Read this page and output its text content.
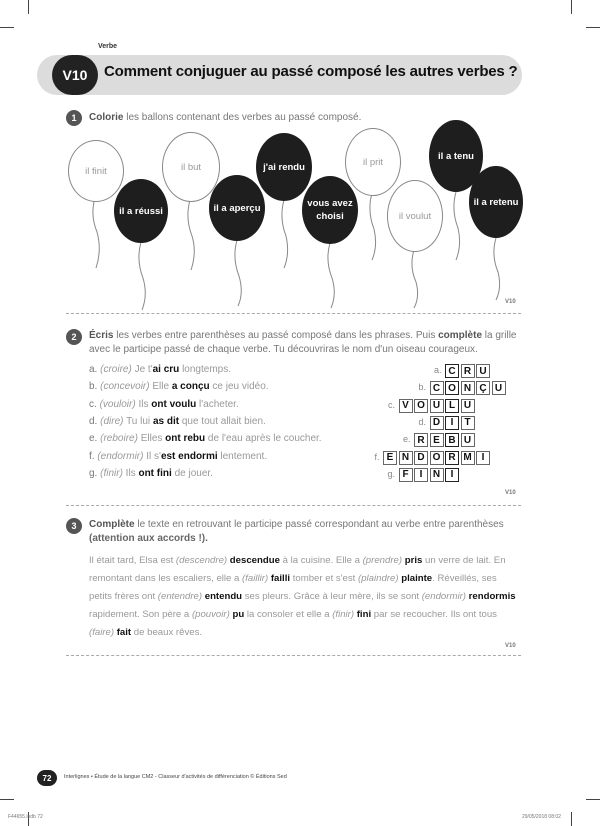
Verbe
V10	Comment conjuguer au passé composé les autres verbes ?
1	Colorie les ballons contenant des verbes au passé composé.
il finit
il a réussi
il but
il a aperçu
j'ai rendu
vous avez choisi
il prit
il voulut
il a tenu
il a retenu
V10
2	Écris les verbes entre parenthèses au passé composé dans les phrases. Puis complète la grille
avec le participe passé de chaque verbe. Tu découvriras le nom d'un oiseau courageux.
a. (croire) Je t'ai cru longtemps.
b. (concevoir) Elle a conçu ce jeu vidéo.
c. (vouloir) Ils ont voulu l'acheter.
d. (dire) Tu lui as dit que tout allait bien.
e. (reboire) Elles ont rebu de l'eau après le coucher.
f. (endormir) Il s'est endormi lentement.
g. (finir) Ils ont fini de jouer.
a. C R U
b. C O N Ç U
c. V O U L U
d. D	I	T
e. R E B U
f. E N D O R M I
g. F	I	N	I
V10
3	Complète le texte en retrouvant le participe passé correspondant au verbe entre parenthèses
(attention aux accords !).
Il était tard, Elsa est (descendre) descendue à la cuisine. Elle a (prendre) pris un verre de lait. En remontant dans les escaliers, elle a (faillir) failli tomber et s'est (plaindre) plainte. Réveillés, ses petits frères ont (entendre) entendu ses pleurs. Grâce à leur mère, ils se sont (endormir) rendormis rapidement. Son père a (pouvoir) pu la consoler et elle a (finir) fini par se recoucher. Ils ont tous (faire) fait de beaux rêves.
V10
72	Interlignes • Étude de la langue CM2 - Classeur d'activités de différenciation © Éditions Sed
F44655.indb 72	29/05/2018 08:02
